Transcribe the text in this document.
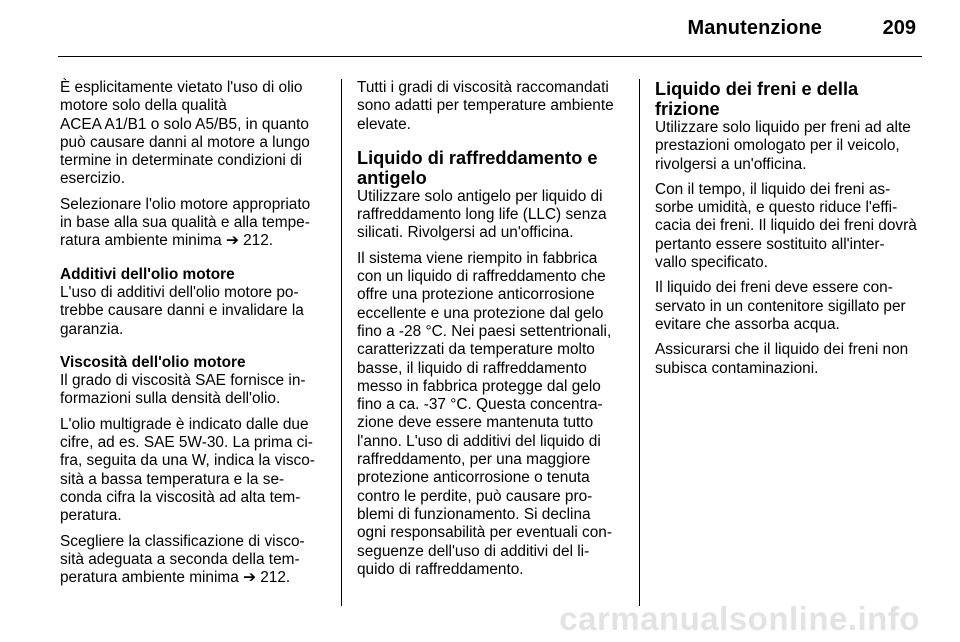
Manutenzione	209
È esplicitamente vietato l'uso di olio
motore solo della qualità
ACEA A1/B1 o solo A5/B5, in quanto
può causare danni al motore a lungo
termine in determinate condizioni di
esercizio.
Selezionare l'olio motore appropriato
in base alla sua qualità e alla tempe-
ratura ambiente minima ➔ 212.
Additivi dell'olio motore
L'uso di additivi dell'olio motore po-
trebbe causare danni e invalidare la
garanzia.
Viscosità dell'olio motore
Il grado di viscosità SAE fornisce in-
formazioni sulla densità dell'olio.
L'olio multigrade è indicato dalle due
cifre, ad es. SAE 5W-30. La prima ci-
fra, seguita da una W, indica la visco-
sità a bassa temperatura e la se-
conda cifra la viscosità ad alta tem-
peratura.
Scegliere la classificazione di visco-
sità adeguata a seconda della tem-
peratura ambiente minima ➔ 212.
Tutti i gradi di viscosità raccomandati
sono adatti per temperature ambiente
elevate.
Liquido di raffreddamento e
antigelo
Utilizzare solo antigelo per liquido di
raffreddamento long life (LLC) senza
silicati. Rivolgersi ad un'officina.
Il sistema viene riempito in fabbrica
con un liquido di raffreddamento che
offre una protezione anticorrosione
eccellente e una protezione dal gelo
fino a -28 °C. Nei paesi settentrionali,
caratterizzati da temperature molto
basse, il liquido di raffreddamento
messo in fabbrica protegge dal gelo
fino a ca. -37 °C. Questa concentra-
zione deve essere mantenuta tutto
l'anno. L'uso di additivi del liquido di
raffreddamento, per una maggiore
protezione anticorrosione o tenuta
contro le perdite, può causare pro-
blemi di funzionamento. Si declina
ogni responsabilità per eventuali con-
seguenze dell'uso di additivi del li-
quido di raffreddamento.
Liquido dei freni e della frizione
Utilizzare solo liquido per freni ad alte
prestazioni omologato per il veicolo,
rivolgersi a un'officina.
Con il tempo, il liquido dei freni as-
sorbe umidità, e questo riduce l'effi-
cacia dei freni. Il liquido dei freni dovrà
pertanto essere sostituito all'inter-
vallo specificato.
Il liquido dei freni deve essere con-
servato in un contenitore sigillato per
evitare che assorba acqua.
Assicurarsi che il liquido dei freni non
subisca contaminazioni.
carmanualsonline.info
